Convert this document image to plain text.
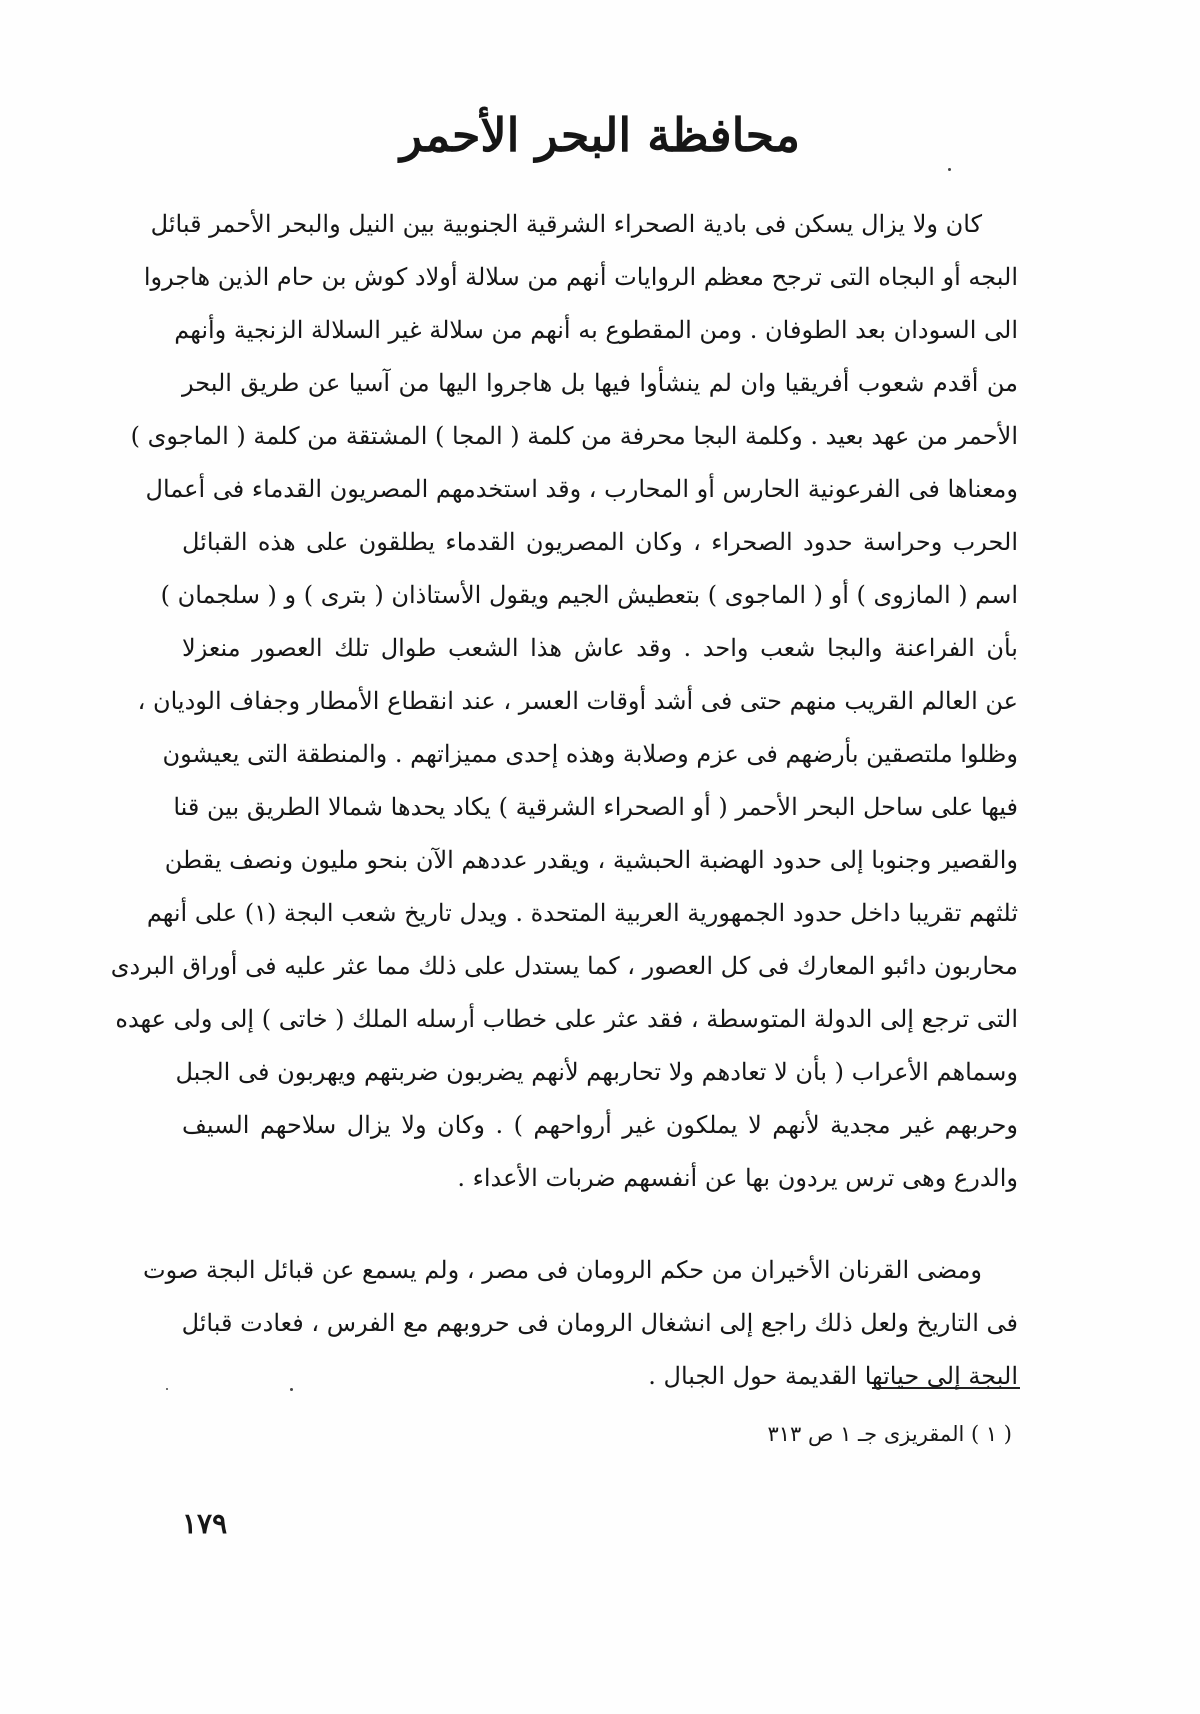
محافظة البحر الأحمر
كان ولا يزال يسكن فى بادية الصحراء الشرقية الجنوبية بين النيل والبحر الأحمر قبائل
البجه أو البجاه التى ترجح معظم الروايات أنهم من سلالة أولاد كوش بن حام الذين هاجروا
الى السودان بعد الطوفان . ومن المقطوع به أنهم من سلالة غير السلالة الزنجية وأنهم
من أقدم شعوب أفريقيا وان لم ينشأوا فيها بل هاجروا اليها من آسيا عن طريق البحر
الأحمر من عهد بعيد . وكلمة البجا محرفة من كلمة ( المجا ) المشتقة من كلمة ( الماجوى )
ومعناها فى الفرعونية الحارس أو المحارب ، وقد استخدمهم المصريون القدماء فى أعمال
الحرب وحراسة حدود الصحراء ، وكان المصريون القدماء يطلقون على هذه القبائل
اسم ( المازوى ) أو ( الماجوى ) بتعطيش الجيم ويقول الأستاذان ( بترى ) و ( سلجمان )
بأن الفراعنة والبجا شعب واحد . وقد عاش هذا الشعب طوال تلك العصور منعزلا
عن العالم القريب منهم حتى فى أشد أوقات العسر ، عند انقطاع الأمطار وجفاف الوديان ،
وظلوا ملتصقين بأرضهم فى عزم وصلابة وهذه إحدى مميزاتهم . والمنطقة التى يعيشون
فيها على ساحل البحر الأحمر ( أو الصحراء الشرقية ) يكاد يحدها شمالا الطريق بين قنا
والقصير وجنوبا إلى حدود الهضبة الحبشية ، ويقدر عددهم الآن بنحو مليون ونصف يقطن
ثلثهم تقريبا داخل حدود الجمهورية العربية المتحدة . ويدل تاريخ شعب البجة (١) على أنهم
محاربون دائبو المعارك فى كل العصور ، كما يستدل على ذلك مما عثر عليه فى أوراق البردى
التى ترجع إلى الدولة المتوسطة ، فقد عثر على خطاب أرسله الملك ( خاتى ) إلى ولى عهده
وسماهم الأعراب ( بأن لا تعادهم ولا تحاربهم لأنهم يضربون ضربتهم ويهربون فى الجبل
وحربهم غير مجدية لأنهم لا يملكون غير أرواحهم ) . وكان ولا يزال سلاحهم السيف
والدرع وهى ترس يردون بها عن أنفسهم ضربات الأعداء .
ومضى القرنان الأخيران من حكم الرومان فى مصر ، ولم يسمع عن قبائل البجة صوت
فى التاريخ ولعل ذلك راجع إلى انشغال الرومان فى حروبهم مع الفرس ، فعادت قبائل
البجة إلى حياتها القديمة حول الجبال .
( ١ ) المقريزى جـ ١ ص ٣١٣
١٧٩
